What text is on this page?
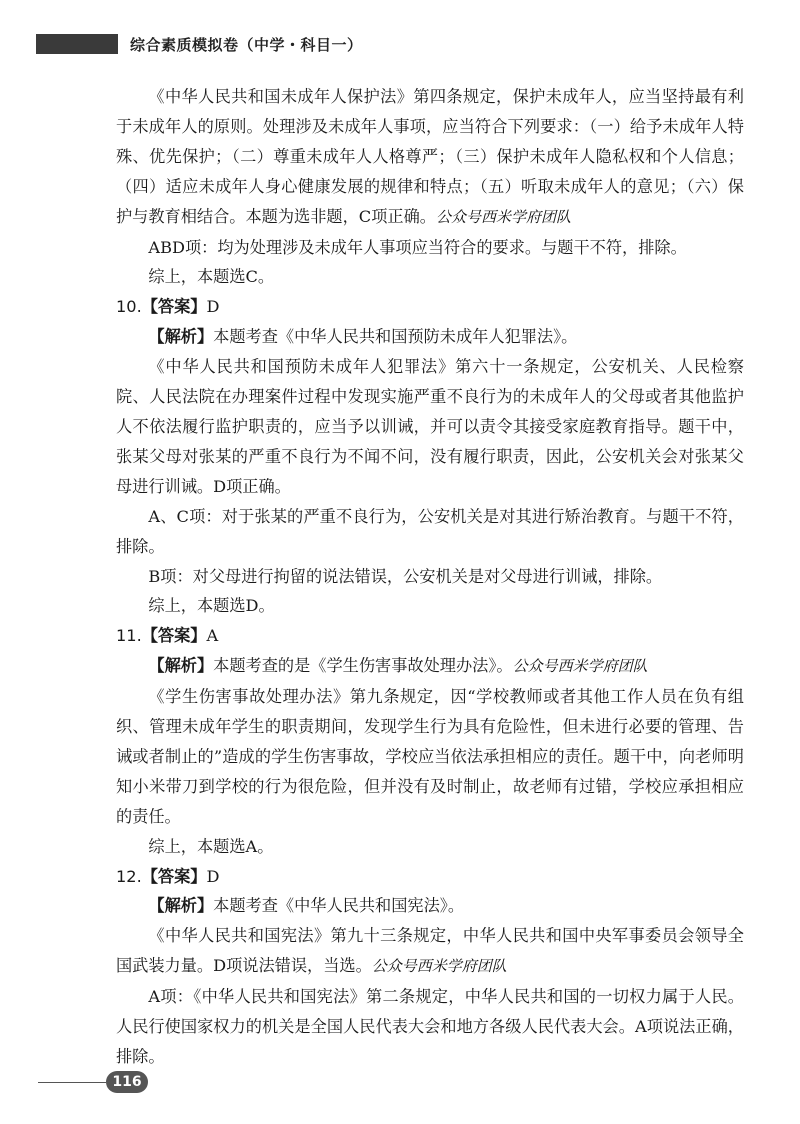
综合素质模拟卷（中学・科目一）

《中华人民共和国未成年人保护法》第四条规定，保护未成年人，应当坚持最有利于未成年人的原则。处理涉及未成年人事项，应当符合下列要求：（一）给予未成年人特殊、优先保护；（二）尊重未成年人人格尊严；（三）保护未成年人隐私权和个人信息；（四）适应未成年人身心健康发展的规律和特点；（五）听取未成年人的意见；（六）保护与教育相结合。本题为选非题，C项正确。公众号西米学府团队

ABD项：均为处理涉及未成年人事项应当符合的要求。与题干不符，排除。

综上，本题选C。

10.【答案】D

【解析】本题考查《中华人民共和国预防未成年人犯罪法》。

《中华人民共和国预防未成年人犯罪法》第六十一条规定，公安机关、人民检察院、人民法院在办理案件过程中发现实施严重不良行为的未成年人的父母或者其他监护人不依法履行监护职责的，应当予以训诫，并可以责令其接受家庭教育指导。题干中，张某父母对张某的严重不良行为不闻不问，没有履行职责，因此，公安机关会对张某父母进行训诫。D项正确。

A、C项：对于张某的严重不良行为，公安机关是对其进行矫治教育。与题干不符，排除。

B项：对父母进行拘留的说法错误，公安机关是对父母进行训诫，排除。

综上，本题选D。

11.【答案】A

【解析】本题考查的是《学生伤害事故处理办法》。公众号西米学府团队

《学生伤害事故处理办法》第九条规定，因“学校教师或者其他工作人员在负有组织、管理未成年学生的职责期间，发现学生行为具有危险性，但未进行必要的管理、告诫或者制止的”造成的学生伤害事故，学校应当依法承担相应的责任。题干中，向老师明知小米带刀到学校的行为很危险，但并没有及时制止，故老师有过错，学校应承担相应的责任。

综上，本题选A。

12.【答案】D

【解析】本题考查《中华人民共和国宪法》。

《中华人民共和国宪法》第九十三条规定，中华人民共和国中央军事委员会领导全国武装力量。D项说法错误，当选。公众号西米学府团队

A项：《中华人民共和国宪法》第二条规定，中华人民共和国的一切权力属于人民。人民行使国家权力的机关是全国人民代表大会和地方各级人民代表大会。A项说法正确，排除。

116
